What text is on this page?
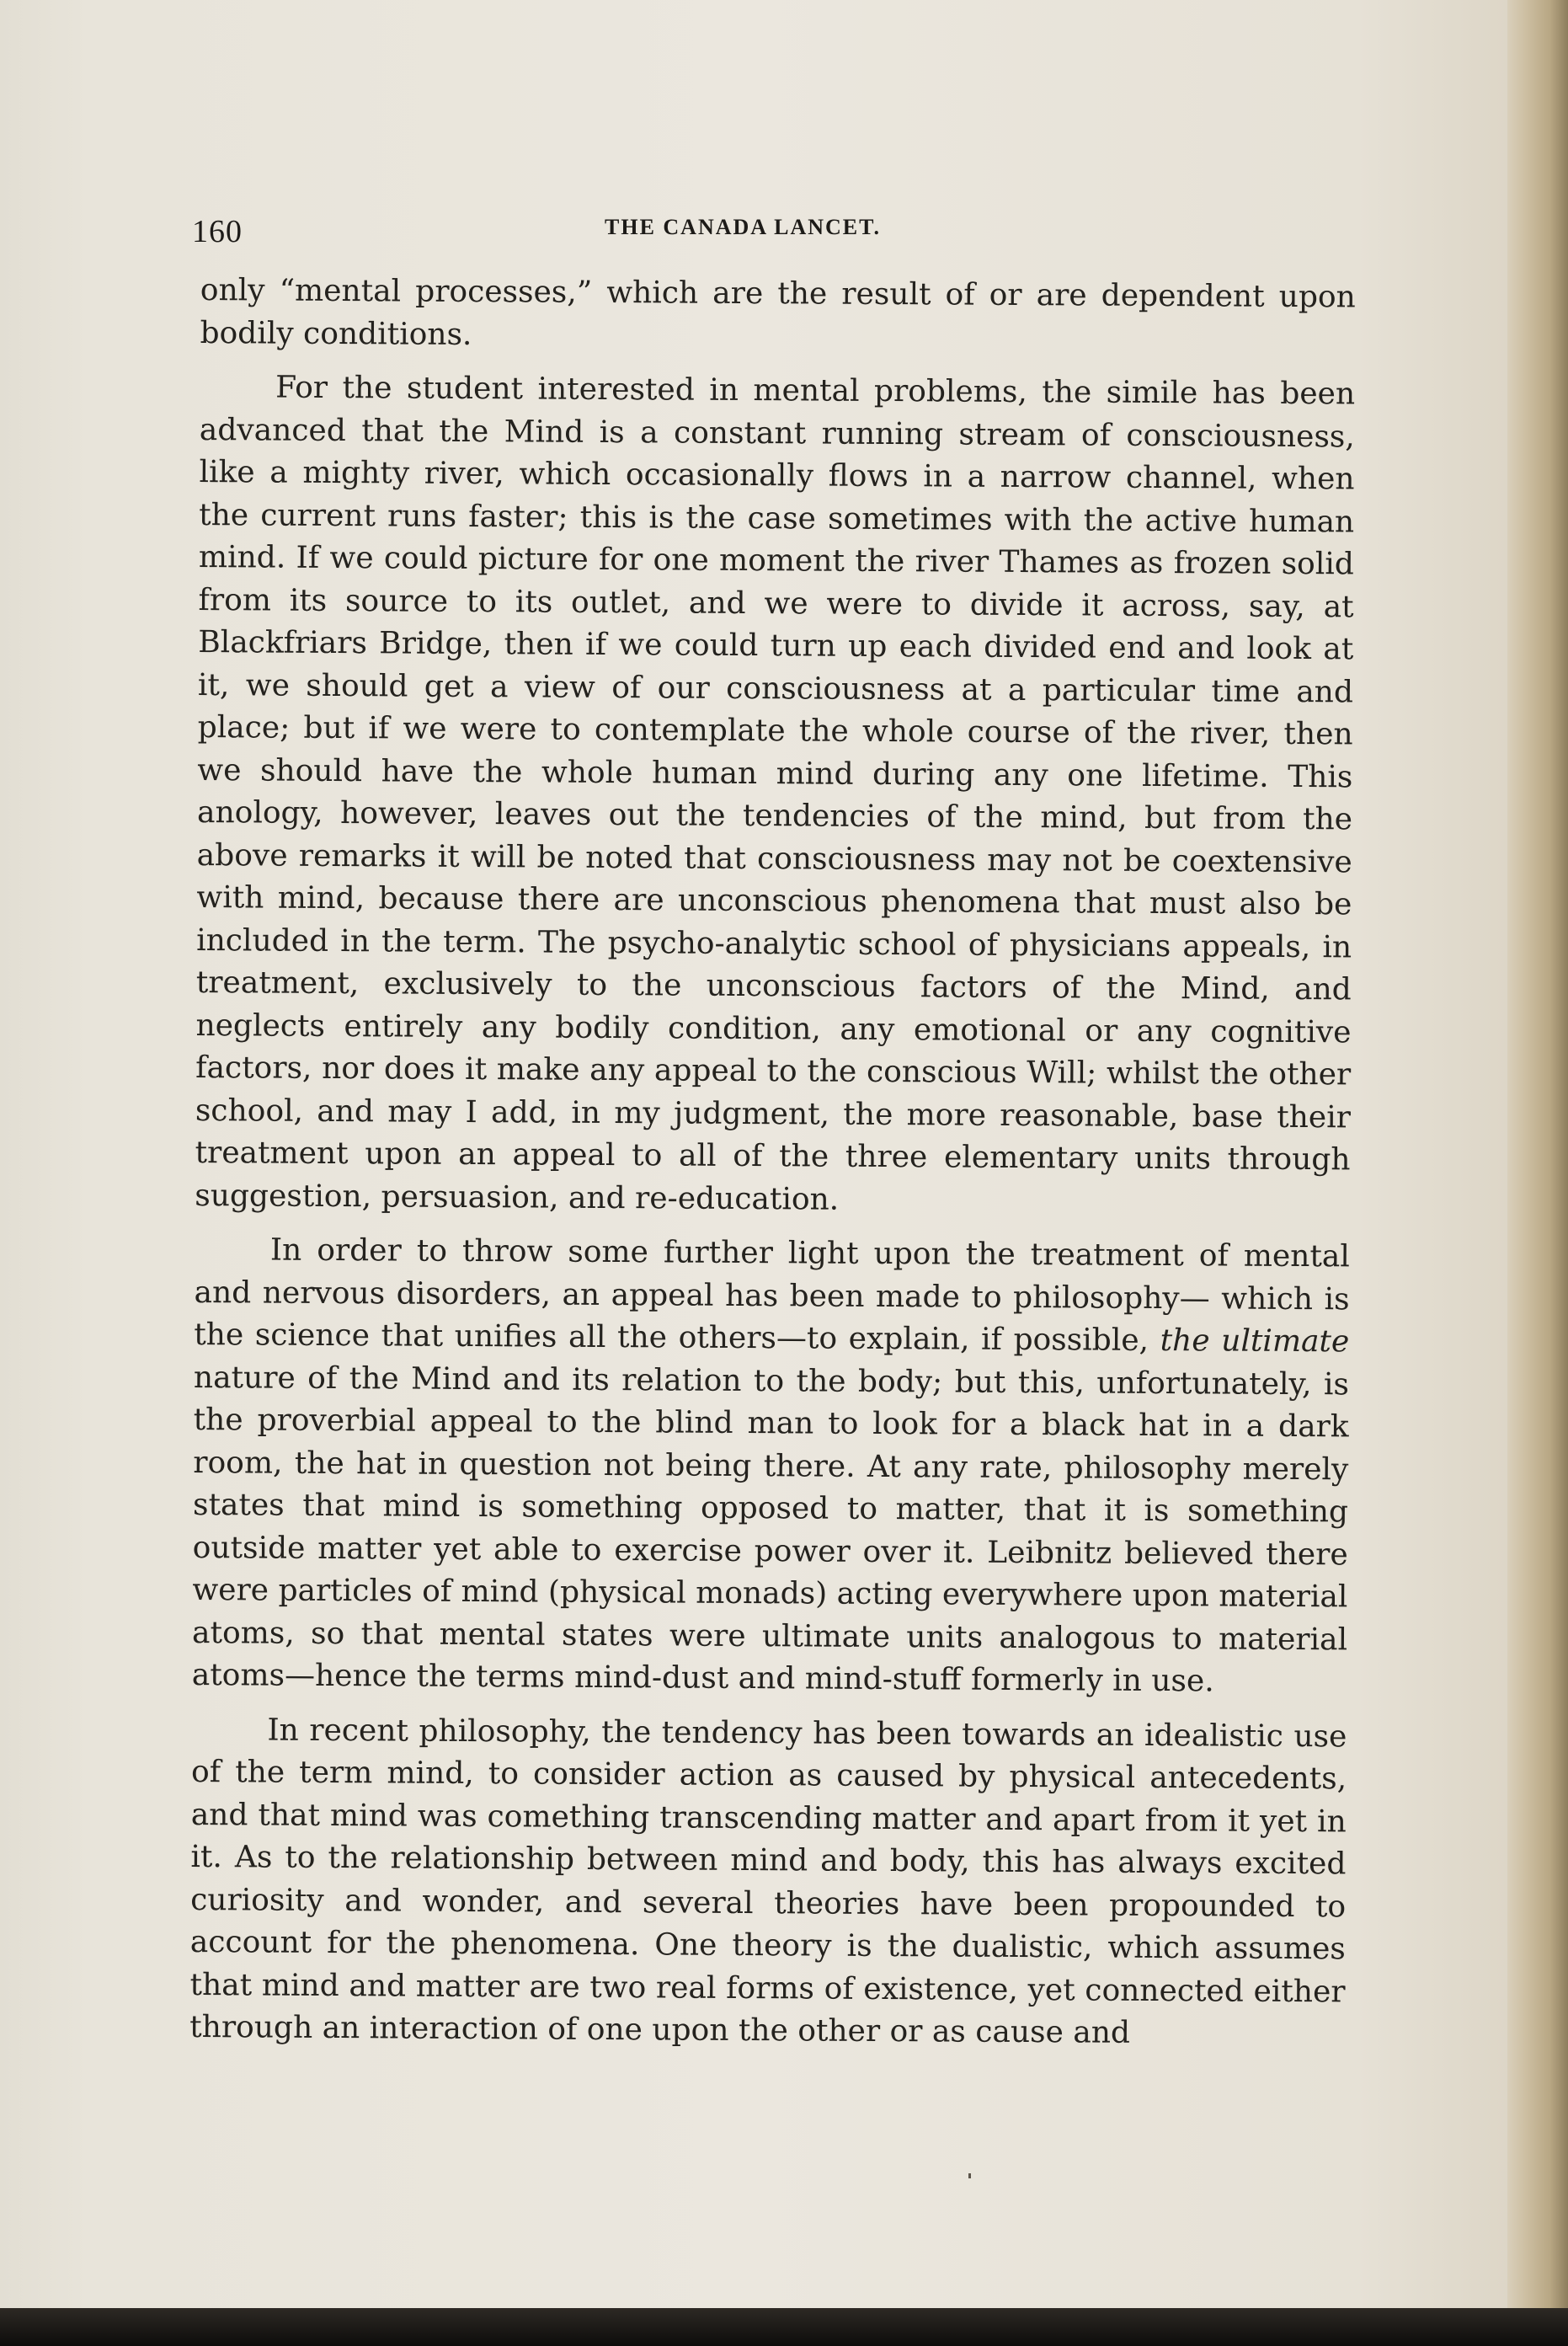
160	THE CANADA LANCET.

only “mental processes,” which are the result of or are dependent upon bodily conditions.

For the student interested in mental problems, the simile has been advanced that the Mind is a constant running stream of consciousness, like a mighty river, which occasionally flows in a narrow channel, when the current runs faster; this is the case sometimes with the active human mind. If we could picture for one moment the river Thames as frozen solid from its source to its outlet, and we were to divide it across, say, at Blackfriars Bridge, then if we could turn up each divided end and look at it, we should get a view of our consciousness at a particular time and place; but if we were to contemplate the whole course of the river, then we should have the whole human mind during any one lifetime. This anology, however, leaves out the tendencies of the mind, but from the above remarks it will be noted that consciousness may not be coextensive with mind, because there are unconscious phenomena that must also be included in the term. The psycho-analytic school of physicians appeals, in treatment, exclusively to the unconscious factors of the Mind, and neglects entirely any bodily condition, any emotional or any cognitive factors, nor does it make any appeal to the conscious Will; whilst the other school, and may I add, in my judgment, the more reasonable, base their treatment upon an appeal to all of the three elementary units through suggestion, persuasion, and re-education.

In order to throw some further light upon the treatment of mental and nervous disorders, an appeal has been made to philosophy— which is the science that unifies all the others—to explain, if possible, the ultimate nature of the Mind and its relation to the body; but this, unfortunately, is the proverbial appeal to the blind man to look for a black hat in a dark room, the hat in question not being there. At any rate, philosophy merely states that mind is something opposed to matter, that it is something outside matter yet able to exercise power over it. Leibnitz believed there were particles of mind (physical monads) acting everywhere upon material atoms, so that mental states were ultimate units analogous to material atoms—hence the terms mind-dust and mind-stuff formerly in use.

In recent philosophy, the tendency has been towards an idealistic use of the term mind, to consider action as caused by physical antecedents, and that mind was comething transcending matter and apart from it yet in it. As to the relationship between mind and body, this has always excited curiosity and wonder, and several theories have been propounded to account for the phenomena. One theory is the dualistic, which assumes that mind and matter are two real forms of existence, yet connected either through an interaction of one upon the other or as cause and
